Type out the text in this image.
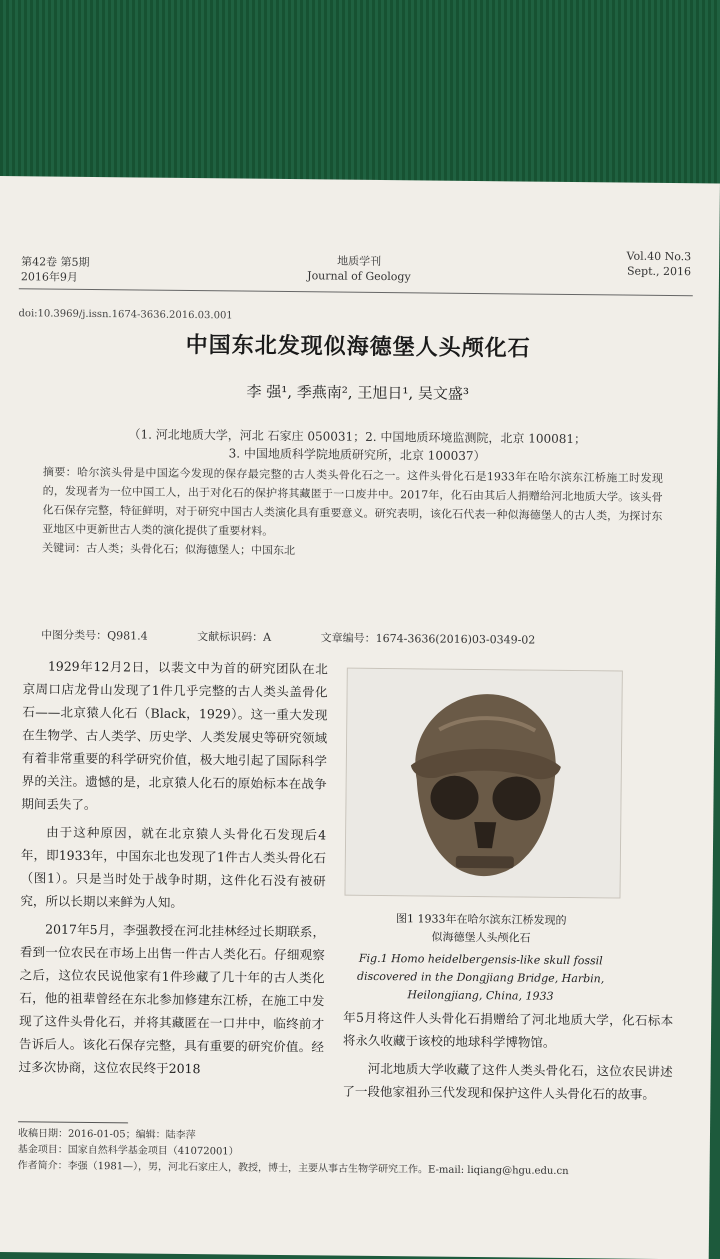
第42卷 第5期
2016年9月
地质学刊
Journal of Geology
Vol.40 No.3
Sept., 2016
doi:10.3969/j.issn.1674-3636.2016.03.001
中国东北发现似海德堡人头颅化石
李 强¹, 季燕南², 王旭日¹, 吴文盛³
（1. 河北地质大学，河北 石家庄 050031；2. 中国地质环境监测院，北京 100081；
3. 中国地质科学院地质研究所，北京 100037）
摘要：哈尔滨头骨是中国迄今发现的保存最完整的古人类头骨化石之一。这件头骨化石是1933年在哈尔滨东江桥施工时发现的，发现者为一位中国工人，出于对化石的保护将其藏匿于一口废井中。2017年，化石由其后人捐赠给河北地质大学。该头骨化石保存完整，特征鲜明，对于研究中国古人类演化具有重要意义。研究表明，该化石代表一种似海德堡人的古人类，为探讨东亚地区中更新世古人类的演化提供了重要材料。
关键词：古人类；头骨化石；似海德堡人；中国东北
中图分类号：Q981.4	文献标识码：A	文章编号：1674-3636(2016)03-0349-02

1929年12月2日，以裴文中为首的研究团队在北京周口店龙骨山发现了1件几乎完整的古人类头盖骨化石——北京猿人化石（Black，1929）。这一重大发现在生物学、古人类学、历史学、人类发展史等研究领域有着非常重要的科学研究价值，极大地引起了国际科学界的关注。遗憾的是，北京猿人化石的原始标本在战争期间丢失了。

由于这种原因，就在北京猿人头骨化石发现后4年，即1933年，中国东北也发现了1件古人类头骨化石（图1）。只是当时处于战争时期，这件化石没有被研究，所以长期以来鲜为人知。

2017年5月，李强教授在河北挂林经过长期联系，看到一位农民在市场上出售一件古人类化石。仔细观察之后，这位农民说他家有1件珍藏了几十年的古人类化石，他的祖辈曾经在东北参加修建东江桥，在施工中发现了这件头骨化石，并将其藏匿在一口井中，临终前才告诉后人。该化石保存完整，具有重要的研究价值。经过多次协商，这位农民终于2018

图1 1933年在哈尔滨东江桥发现的
似海德堡人头颅化石
Fig.1 Homo heidelbergensis-like skull fossil
discovered in the Dongjiang Bridge, Harbin,
Heilongjiang, China, 1933

年5月将这件人头骨化石捐赠给了河北地质大学，化石标本将永久收藏于该校的地球科学博物馆。

河北地质大学收藏了这件人类头骨化石，这位农民讲述了一段他家祖孙三代发现和保护这件人头骨化石的故事。

收稿日期：2016-01-05；编辑：陆李萍
基金项目：国家自然科学基金项目（41072001）
作者简介：李强（1981—），男，河北石家庄人，教授，博士，主要从事古生物学研究工作。E-mail: liqiang@hgu.edu.cn
